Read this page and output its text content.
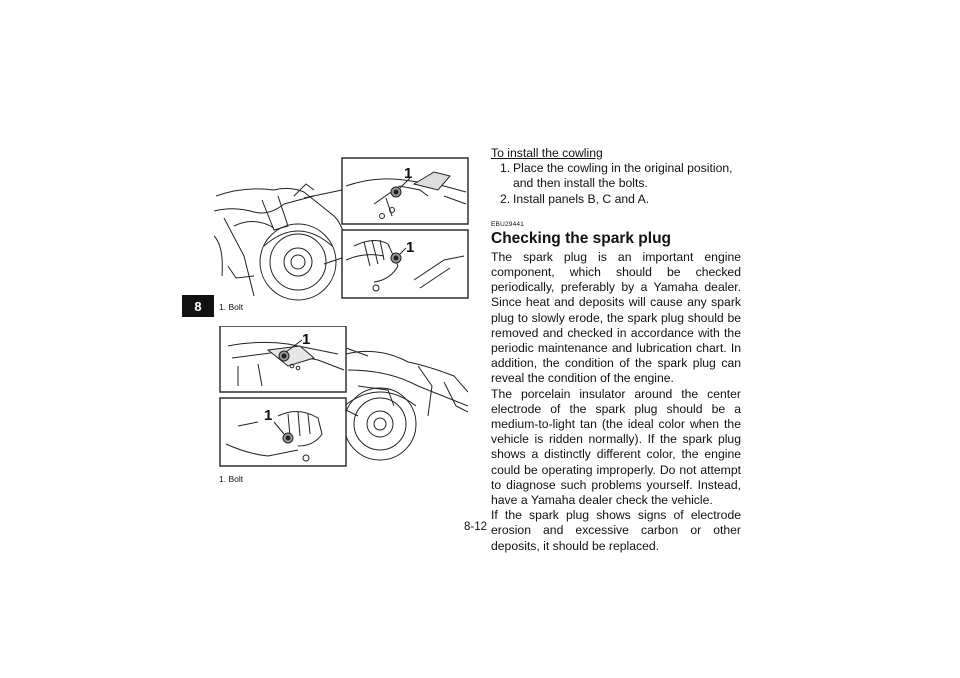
8
1
1
1. Bolt
1
1
1. Bolt

To install the cowling

1. Place the cowling in the original position, and then install the bolts.
2. Install panels B, C and A.
EBU29441
Checking the spark plug

The spark plug is an important engine component, which should be checked periodically, preferably by a Yamaha dealer. Since heat and deposits will cause any spark plug to slowly erode, the spark plug should be removed and checked in accordance with the periodic maintenance and lubrication chart. In addition, the condition of the spark plug can reveal the condition of the engine.

The porcelain insulator around the center electrode of the spark plug should be a medium-to-light tan (the ideal color when the vehicle is ridden normally). If the spark plug shows a distinctly different color, the engine could be operating improperly. Do not attempt to diagnose such problems yourself. Instead, have a Yamaha dealer check the vehicle.

If the spark plug shows signs of electrode erosion and excessive carbon or other deposits, it should be replaced.

8-12
